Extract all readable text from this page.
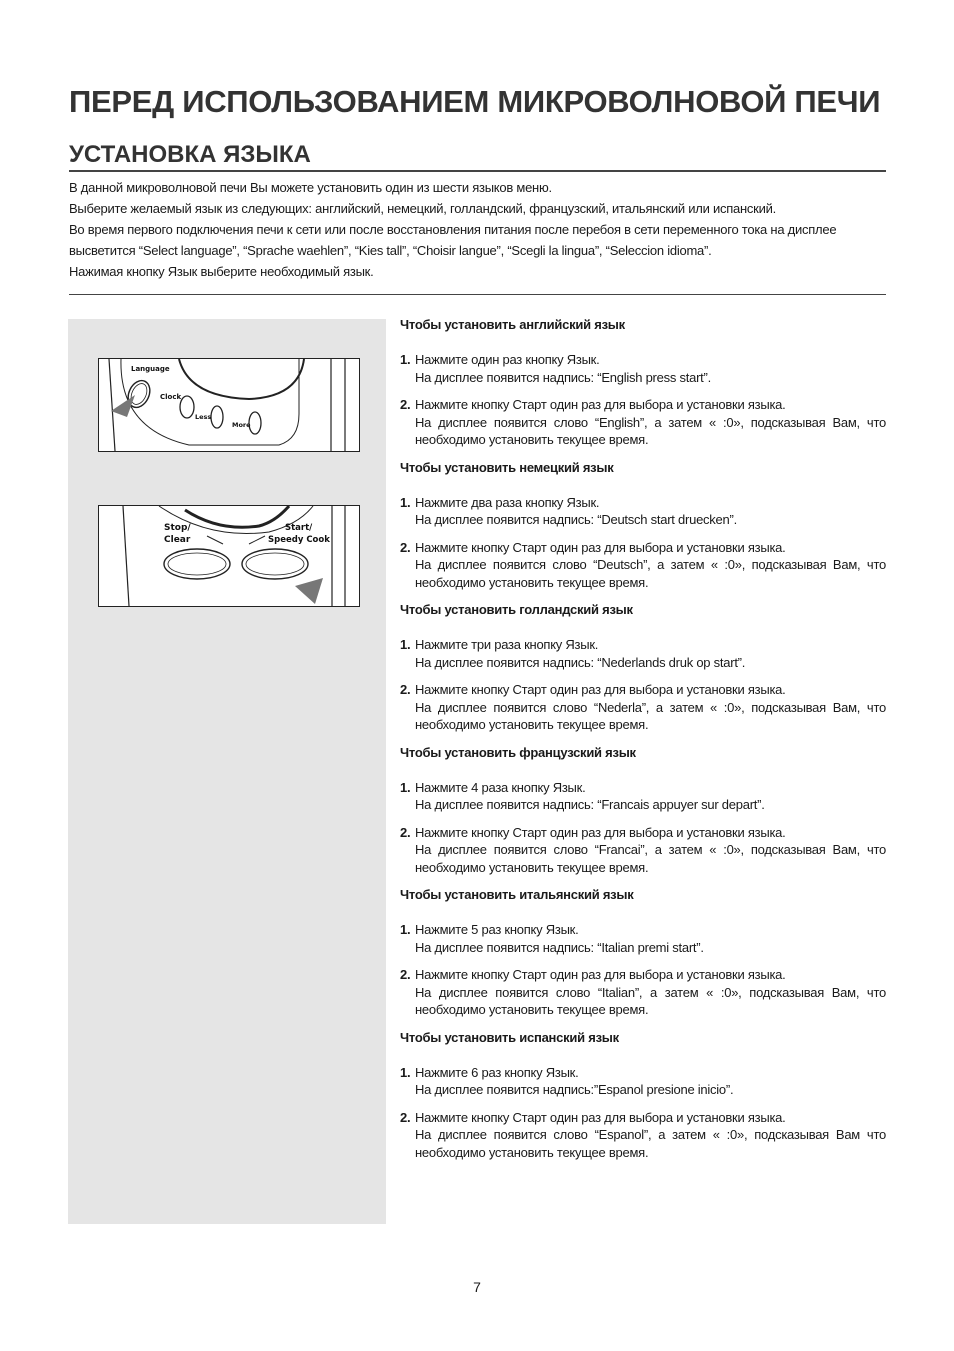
ПЕРЕД ИСПОЛЬЗОВАНИЕМ МИКРОВОЛНОВОЙ ПЕЧИ
УСТАНОВКА ЯЗЫКА

В данной микроволновой печи Вы можете установить один из шести языков меню.

Выберите желаемый язык из следующих: английский, немецкий, голландский, французский, итальянский или испанский.

Во время первого подключения печи к сети или после восстановления питания после перебоя в сети переменного тока на дисплее высветится “Select language”, “Sprache waehlen”, “Kies tall”, “Choisir langue”, “Scegli la lingua”, “Seleccion idioma”.

Нажимая кнопку Язык выберите необходимый язык.

Language
Clock
Less
More
Stop/
Clear
Start/
Speedy Cook
Чтобы установить английский язык
1. Нажмите один раз кнопку Язык.
На дисплее появится надпись: “English press start”.
2. Нажмите кнопку Старт один раз для выбора и установки языка.
На дисплее появится слово “English”, а затем « :0», подсказывая Вам, что необходимо установить текущее время.
Чтобы установить немецкий язык
1. Нажмите два раза кнопку Язык.
На дисплее появится надпись: “Deutsch start druecken”.
2. Нажмите кнопку Старт один раз для выбора и установки языка.
На дисплее появится слово “Deutsch”, а затем « :0», подсказывая Вам, что необходимо установить текущее время.
Чтобы установить голландский язык
1. Нажмите три раза кнопку Язык.
На дисплее появится надпись: “Nederlands druk op start”.
2. Нажмите кнопку Старт один раз для выбора и установки языка.
На дисплее появится слово “Nederla”, а затем « :0», подсказывая Вам, что необходимо установить текущее время.
Чтобы установить французский язык
1. Нажмите 4 раза кнопку Язык.
На дисплее появится надпись: “Francais appuyer sur depart”.
2. Нажмите кнопку Старт один раз для выбора и установки языка.
На дисплее появится слово “Francai”, а затем « :0», подсказывая Вам, что необходимо установить текущее время.
Чтобы установить итальянский язык
1. Нажмите 5 раз кнопку Язык.
На дисплее появится надпись: “Italian premi start”.
2. Нажмите кнопку Старт один раз для выбора и установки языка.
На дисплее появится слово “Italian”, а затем « :0», подсказывая Вам, что необходимо установить текущее время.
Чтобы установить испанский язык
1. Нажмите 6 раз кнопку Язык.
На дисплее появится надпись:”Espanol presione inicio”.
2. Нажмите кнопку Старт один раз для выбора и установки языка.
На дисплее появится слово “Espanol”, а затем « :0», подсказывая Вам что необходимо установить текущее время.
7
